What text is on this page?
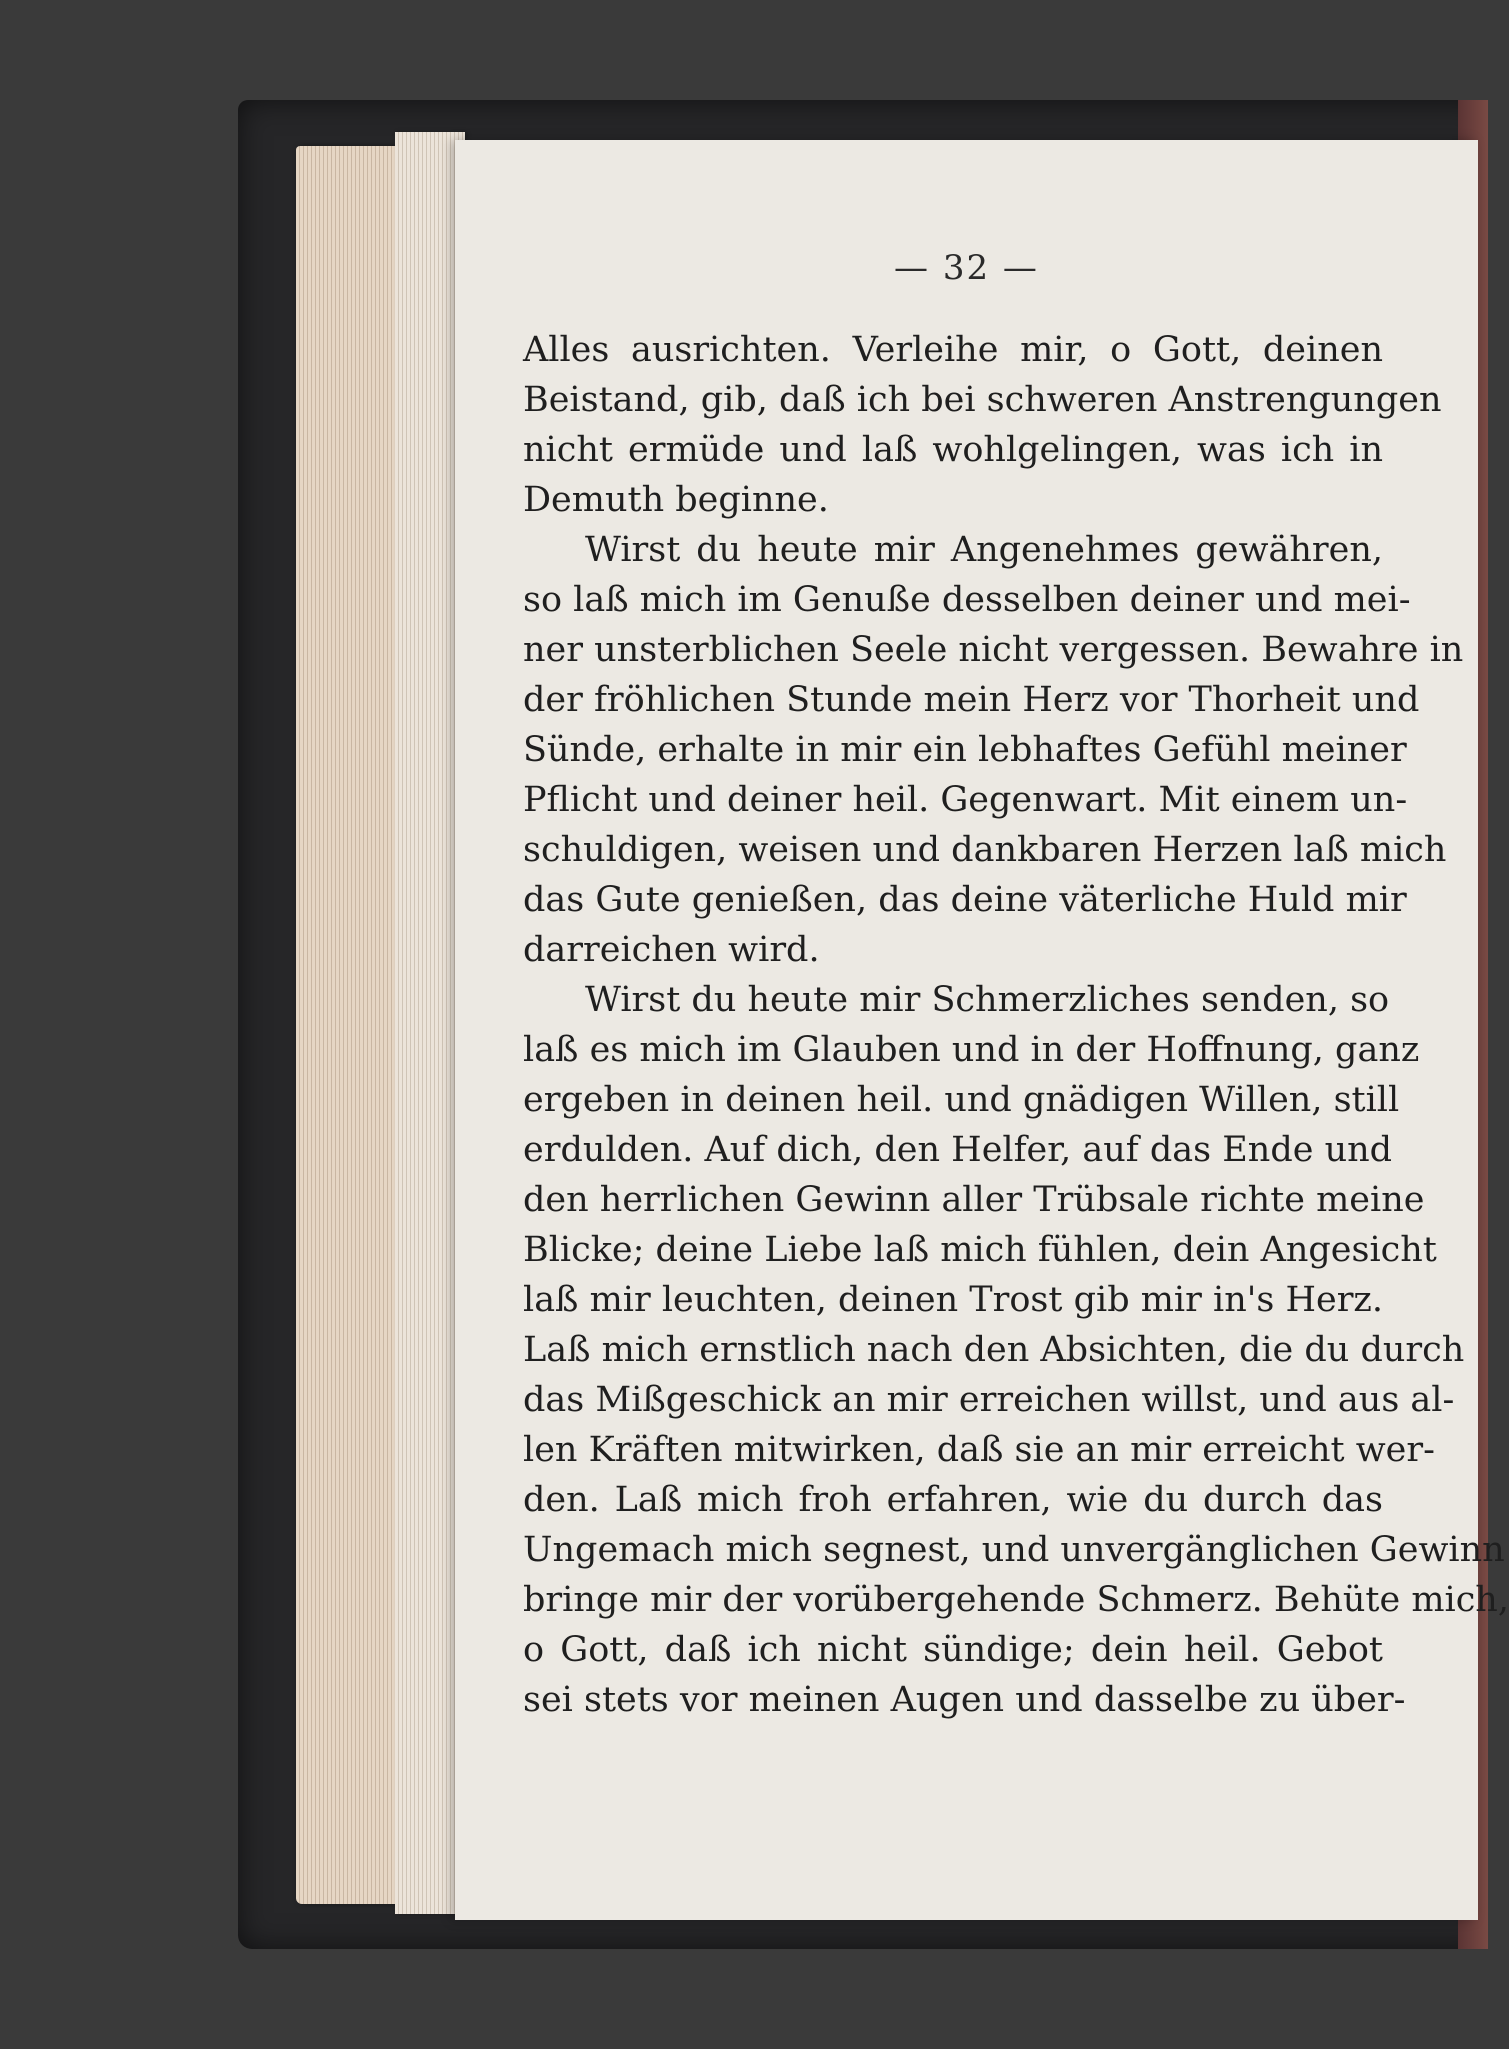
— 32 —
Alles ausrichten. Verleihe mir, o Gott, deinen
Beistand, gib, daß ich bei schweren Anstrengungen
nicht ermüde und laß wohlgelingen, was ich in
Demuth beginne.
Wirst du heute mir Angenehmes gewähren,
so laß mich im Genuße desselben deiner und mei-
ner unsterblichen Seele nicht vergessen. Bewahre in
der fröhlichen Stunde mein Herz vor Thorheit und
Sünde, erhalte in mir ein lebhaftes Gefühl meiner
Pflicht und deiner heil. Gegenwart. Mit einem un-
schuldigen, weisen und dankbaren Herzen laß mich
das Gute genießen, das deine väterliche Huld mir
darreichen wird.
Wirst du heute mir Schmerzliches senden, so
laß es mich im Glauben und in der Hoffnung, ganz
ergeben in deinen heil. und gnädigen Willen, still
erdulden. Auf dich, den Helfer, auf das Ende und
den herrlichen Gewinn aller Trübsale richte meine
Blicke; deine Liebe laß mich fühlen, dein Angesicht
laß mir leuchten, deinen Trost gib mir in's Herz.
Laß mich ernstlich nach den Absichten, die du durch
das Mißgeschick an mir erreichen willst, und aus al-
len Kräften mitwirken, daß sie an mir erreicht wer-
den. Laß mich froh erfahren, wie du durch das
Ungemach mich segnest, und unvergänglichen Gewinn
bringe mir der vorübergehende Schmerz. Behüte mich,
o Gott, daß ich nicht sündige; dein heil. Gebot
sei stets vor meinen Augen und dasselbe zu über-
